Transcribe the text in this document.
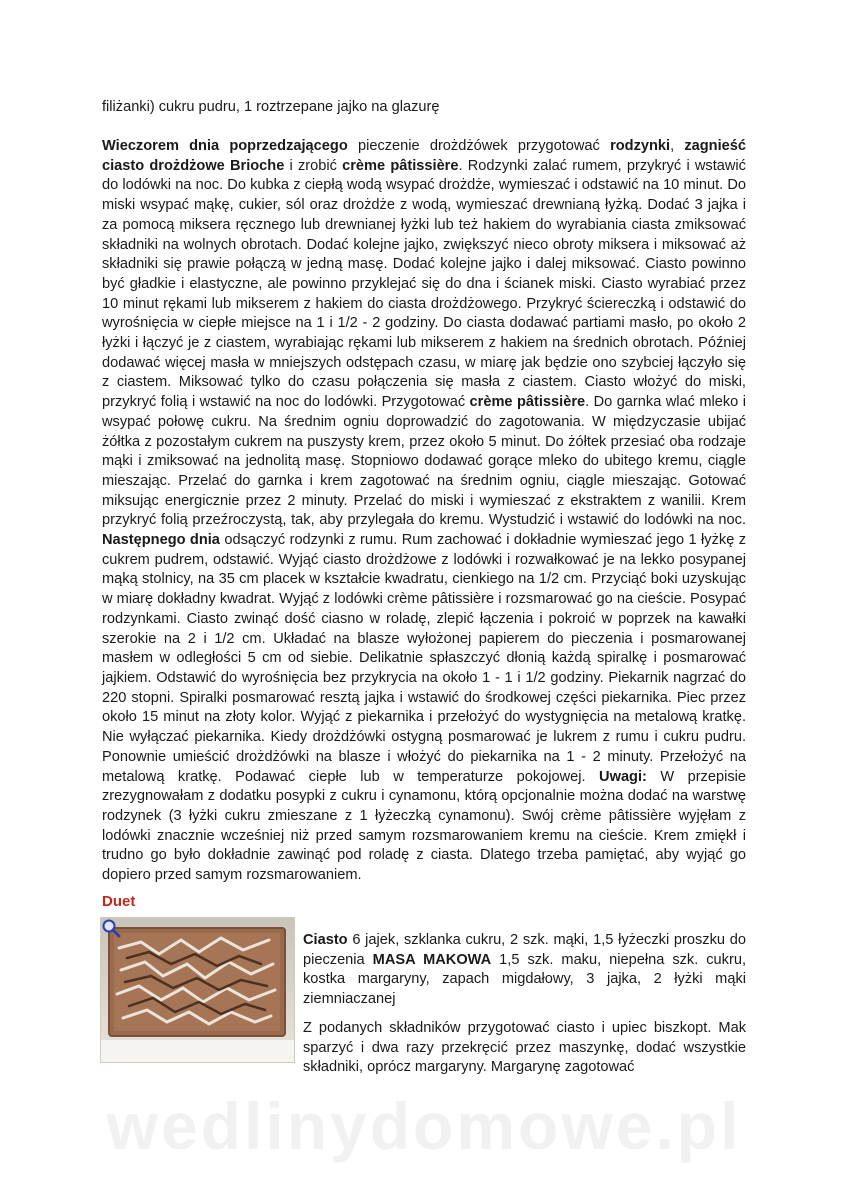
filiżanki) cukru pudru, 1 roztrzepane jajko na glazurę
Wieczorem dnia poprzedzającego pieczenie drożdżówek przygotować rodzynki, zagnieść ciasto drożdżowe Brioche i zrobić crème pâtissière. Rodzynki zalać rumem, przykryć i wstawić do lodówki na noc. Do kubka z ciepłą wodą wsypać drożdże, wymieszać i odstawić na 10 minut. Do miski wsypać mąkę, cukier, sól oraz drożdże z wodą, wymieszać drewnianą łyżką. Dodać 3 jajka i za pomocą miksera ręcznego lub drewnianej łyżki lub też hakiem do wyrabiania ciasta zmiksować składniki na wolnych obrotach. Dodać kolejne jajko, zwiększyć nieco obroty miksera i miksować aż składniki się prawie połączą w jedną masę. Dodać kolejne jajko i dalej miksować. Ciasto powinno być gładkie i elastyczne, ale powinno przyklejać się do dna i ścianek miski. Ciasto wyrabiać przez 10 minut rękami lub mikserem z hakiem do ciasta drożdżowego. Przykryć ściereczką i odstawić do wyrośnięcia w ciepłe miejsce na 1 i 1/2 - 2 godziny. Do ciasta dodawać partiami masło, po około 2 łyżki i łączyć je z ciastem, wyrabiając rękami lub mikserem z hakiem na średnich obrotach. Później dodawać więcej masła w mniejszych odstępach czasu, w miarę jak będzie ono szybciej łączyło się z ciastem. Miksować tylko do czasu połączenia się masła z ciastem. Ciasto włożyć do miski, przykryć folią i wstawić na noc do lodówki. Przygotować crème pâtissière. Do garnka wlać mleko i wsypać połowę cukru. Na średnim ogniu doprowadzić do zagotowania. W międzyczasie ubijać żółtka z pozostałym cukrem na puszysty krem, przez około 5 minut. Do żółtek przesiać oba rodzaje mąki i zmiksować na jednolitą masę. Stopniowo dodawać gorące mleko do ubitego kremu, ciągle mieszając. Przelać do garnka i krem zagotować na średnim ogniu, ciągle mieszając. Gotować miksując energicznie przez 2 minuty. Przelać do miski i wymieszać z ekstraktem z wanilii. Krem przykryć folią przeźroczystą, tak, aby przylegała do kremu. Wystudzić i wstawić do lodówki na noc. Następnego dnia odsączyć rodzynki z rumu. Rum zachować i dokładnie wymieszać jego 1 łyżkę z cukrem pudrem, odstawić. Wyjąć ciasto drożdżowe z lodówki i rozwałkować je na lekko posypanej mąką stolnicy, na 35 cm placek w kształcie kwadratu, cienkiego na 1/2 cm. Przyciąć boki uzyskując w miarę dokładny kwadrat. Wyjąć z lodówki crème pâtissière i rozsmarować go na cieście. Posypać rodzynkami. Ciasto zwinąć dość ciasno w roladę, zlepić łączenia i pokroić w poprzek na kawałki szerokie na 2 i 1/2 cm. Układać na blasze wyłożonej papierem do pieczenia i posmarowanej masłem w odległości 5 cm od siebie. Delikatnie spłaszczyć dłonią każdą spiralkę i posmarować jajkiem. Odstawić do wyrośnięcia bez przykrycia na około 1 - 1 i 1/2 godziny. Piekarnik nagrzać do 220 stopni. Spiralki posmarować resztą jajka i wstawić do środkowej części piekarnika. Piec przez około 15 minut na złoty kolor. Wyjąć z piekarnika i przełożyć do wystygnięcia na metalową kratkę. Nie wyłączać piekarnika. Kiedy drożdżówki ostygną posmarować je lukrem z rumu i cukru pudru. Ponownie umieścić drożdżówki na blasze i włożyć do piekarnika na 1 - 2 minuty. Przełożyć na metalową kratkę. Podawać ciepłe lub w temperaturze pokojowej. Uwagi: W przepisie zrezygnowałam z dodatku posypki z cukru i cynamonu, którą opcjonalnie można dodać na warstwę rodzynek (3 łyżki cukru zmieszane z 1 łyżeczką cynamonu). Swój crème pâtissière wyjęłam z lodówki znacznie wcześniej niż przed samym rozsmarowaniem kremu na cieście. Krem zmiękł i trudno go było dokładnie zawinąć pod roladę z ciasta. Dlatego trzeba pamiętać, aby wyjąć go dopiero przed samym rozsmarowaniem.
Duet
Ciasto 6 jajek, szklanka cukru, 2 szk. mąki, 1,5 łyżeczki proszku do pieczenia MASA MAKOWA 1,5 szk. maku, niepełna szk. cukru, kostka margaryny, zapach migdałowy, 3 jajka, 2 łyżki mąki ziemniaczanej
Z podanych składników przygotować ciasto i upiec biszkopt. Mak sparzyć i dwa razy przekręcić przez maszynkę, dodać wszystkie składniki, oprócz margaryny. Margarynę zagotować
wedlinydomowe.pl
